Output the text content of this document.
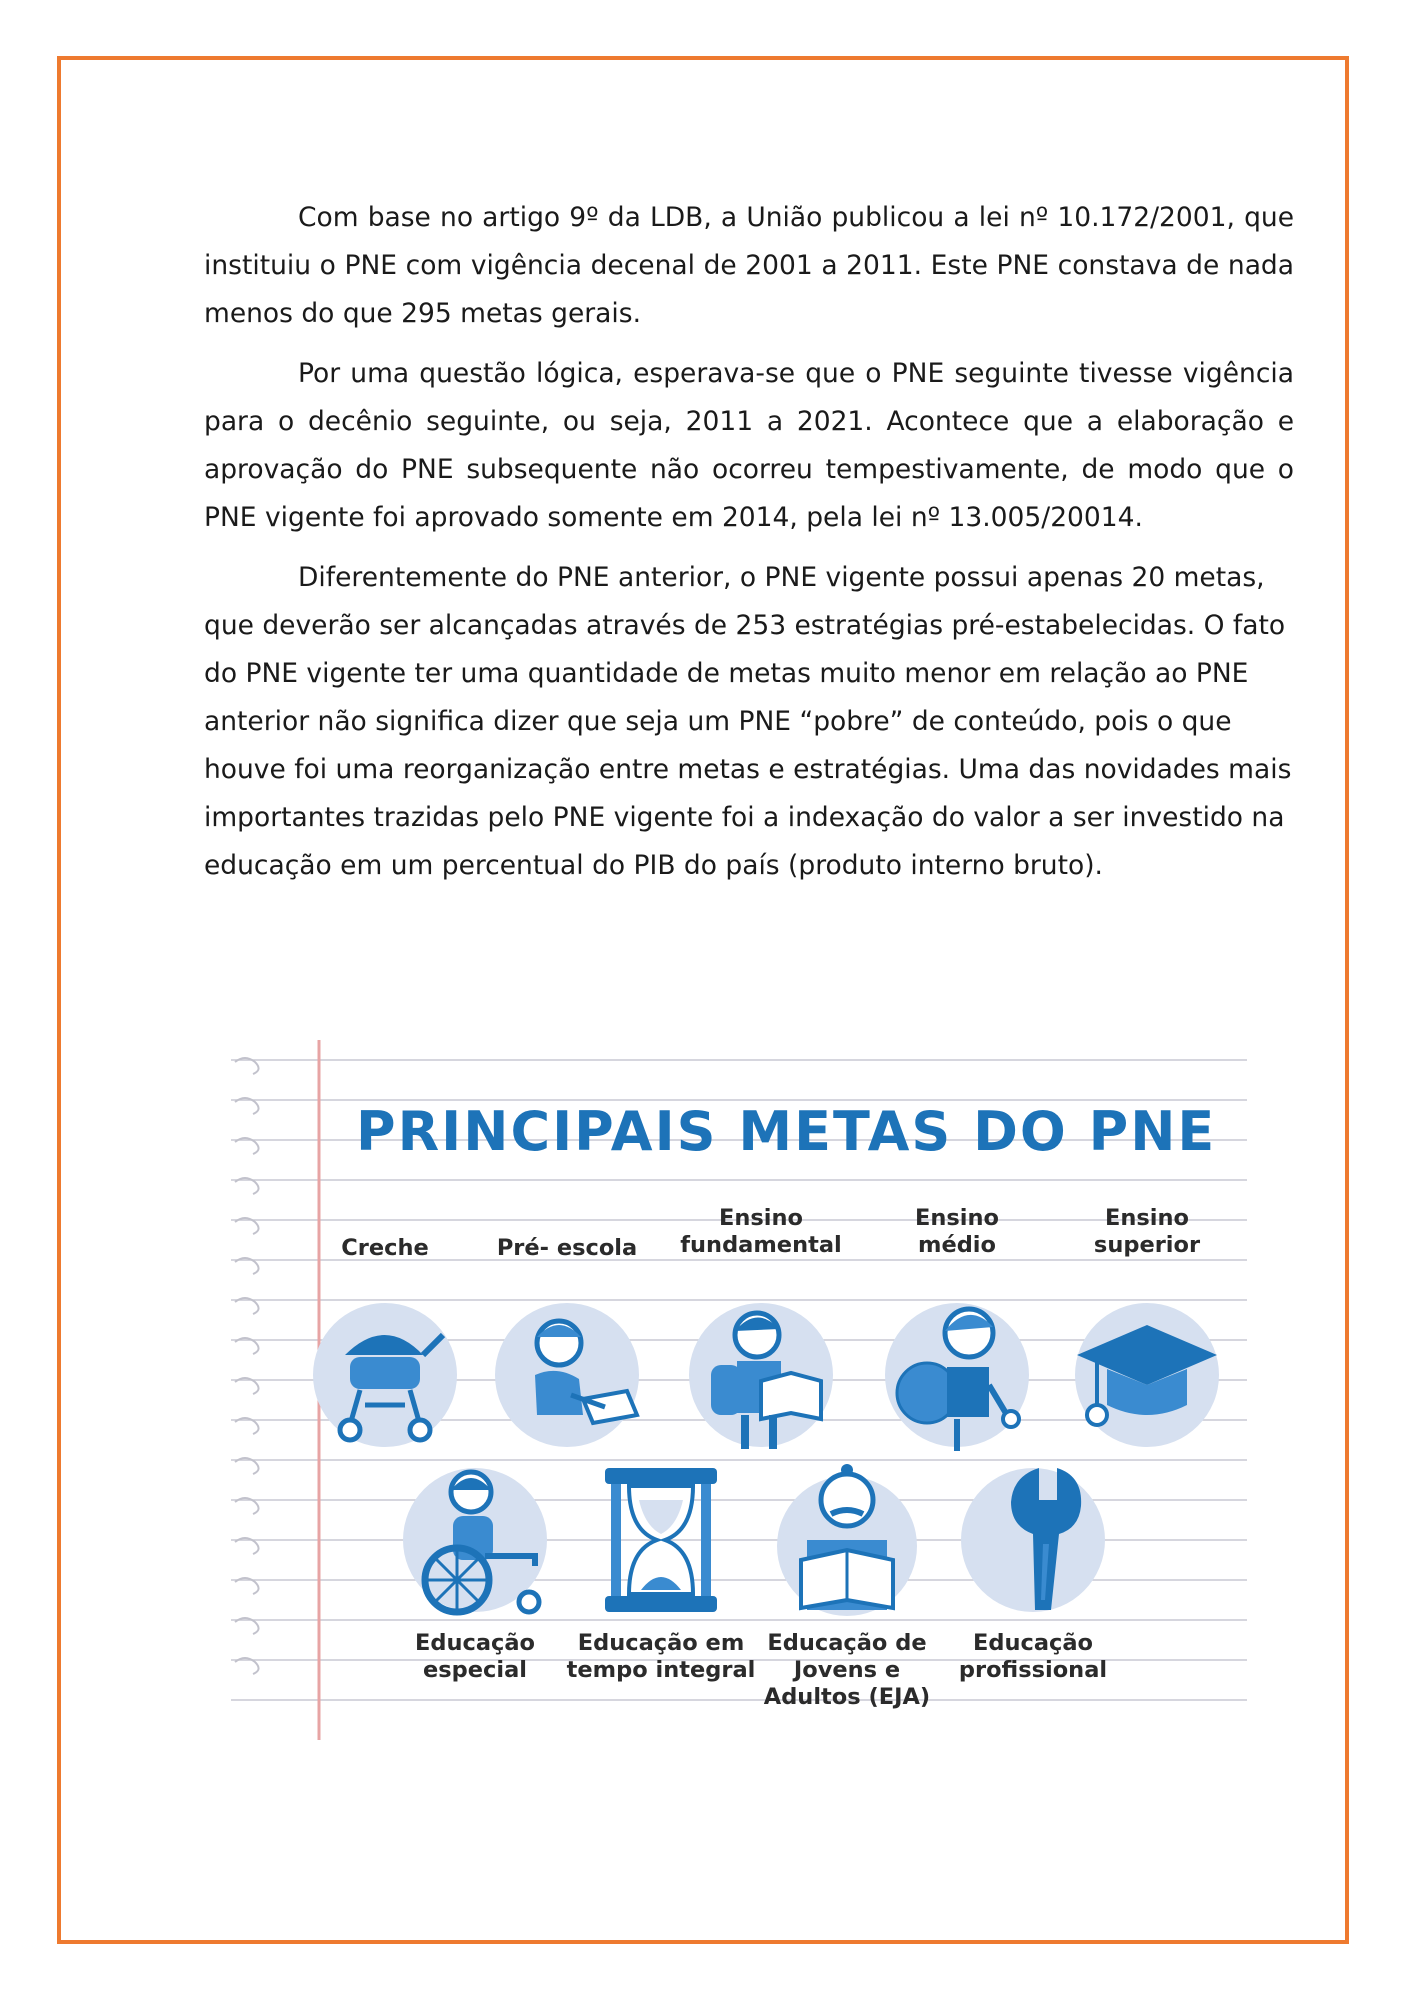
Com base no artigo 9º da LDB, a União publicou a lei nº 10.172/2001, que instituiu o PNE com vigência decenal de 2001 a 2011. Este PNE constava de nada menos do que 295 metas gerais.

Por uma questão lógica, esperava-se que o PNE seguinte tivesse vigência para o decênio seguinte, ou seja, 2011 a 2021. Acontece que a elaboração e aprovação do PNE subsequente não ocorreu tempestivamente, de modo que o PNE vigente foi aprovado somente em 2014, pela lei nº 13.005/20014.

Diferentemente do PNE anterior, o PNE vigente possui apenas 20 metas, que deverão ser alcançadas através de 253 estratégias pré-estabelecidas. O fato do PNE vigente ter uma quantidade de metas muito menor em relação ao PNE anterior não significa dizer que seja um PNE “pobre” de conteúdo, pois o que houve foi uma reorganização entre metas e estratégias. Uma das novidades mais importantes trazidas pelo PNE vigente foi a indexação do valor a ser investido na educação em um percentual do PIB do país (produto interno bruto).

PRINCIPAIS METAS DO PNE

Creche	Pré- escola

Ensino
fundamental

Ensino
médio

Ensino
superior

Educação
especial

Educação em
tempo integral

Educação de
Jovens e
Adultos (EJA)

Educação
profissional
